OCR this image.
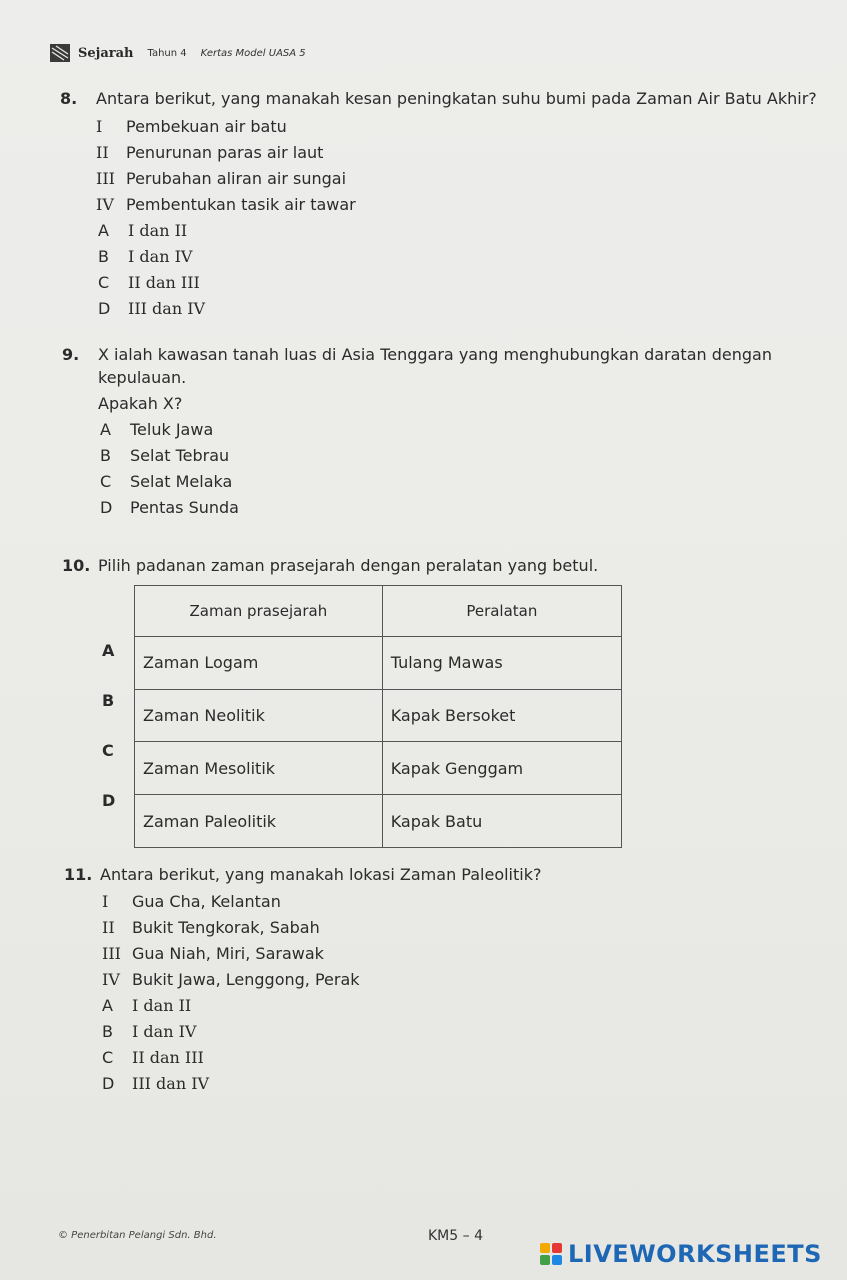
Sejarah Tahun 4 Kertas Model UASA 5
8. Antara berikut, yang manakah kesan peningkatan suhu bumi pada Zaman Air Batu Akhir?
I Pembekuan air batu
II Penurunan paras air laut
III Perubahan aliran air sungai
IV Pembentukan tasik air tawar
A I dan II
B I dan IV
C II dan III
D III dan IV
9. X ialah kawasan tanah luas di Asia Tenggara yang menghubungkan daratan dengan
kepulauan.
Apakah X?
A Teluk Jawa
B Selat Tebrau
C Selat Melaka
D Pentas Sunda
10. Pilih padanan zaman prasejarah dengan peralatan yang betul.
Zaman prasejarah	Peralatan
Zaman Logam	Tulang Mawas
Zaman Neolitik	Kapak Bersoket
Zaman Mesolitik	Kapak Genggam
Zaman Paleolitik	Kapak Batu
A
B
C
D
11. Antara berikut, yang manakah lokasi Zaman Paleolitik?
I Gua Cha, Kelantan
II Bukit Tengkorak, Sabah
III Gua Niah, Miri, Sarawak
IV Bukit Jawa, Lenggong, Perak
A I dan II
B I dan IV
C II dan III
D III dan IV
© Penerbitan Pelangi Sdn. Bhd.	KM5 – 4
LIVEWORKSHEETS
